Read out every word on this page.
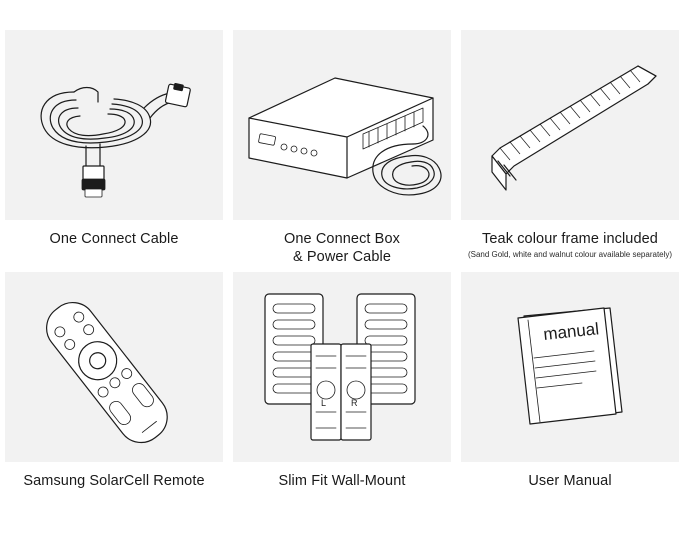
One Connect Cable	One Connect Box
& Power Cable
Teak colour frame included
(Sand Gold, white and walnut colour available separately)
Samsung SolarCell Remote
L	R
Slim Fit Wall-Mount
manual
User Manual
